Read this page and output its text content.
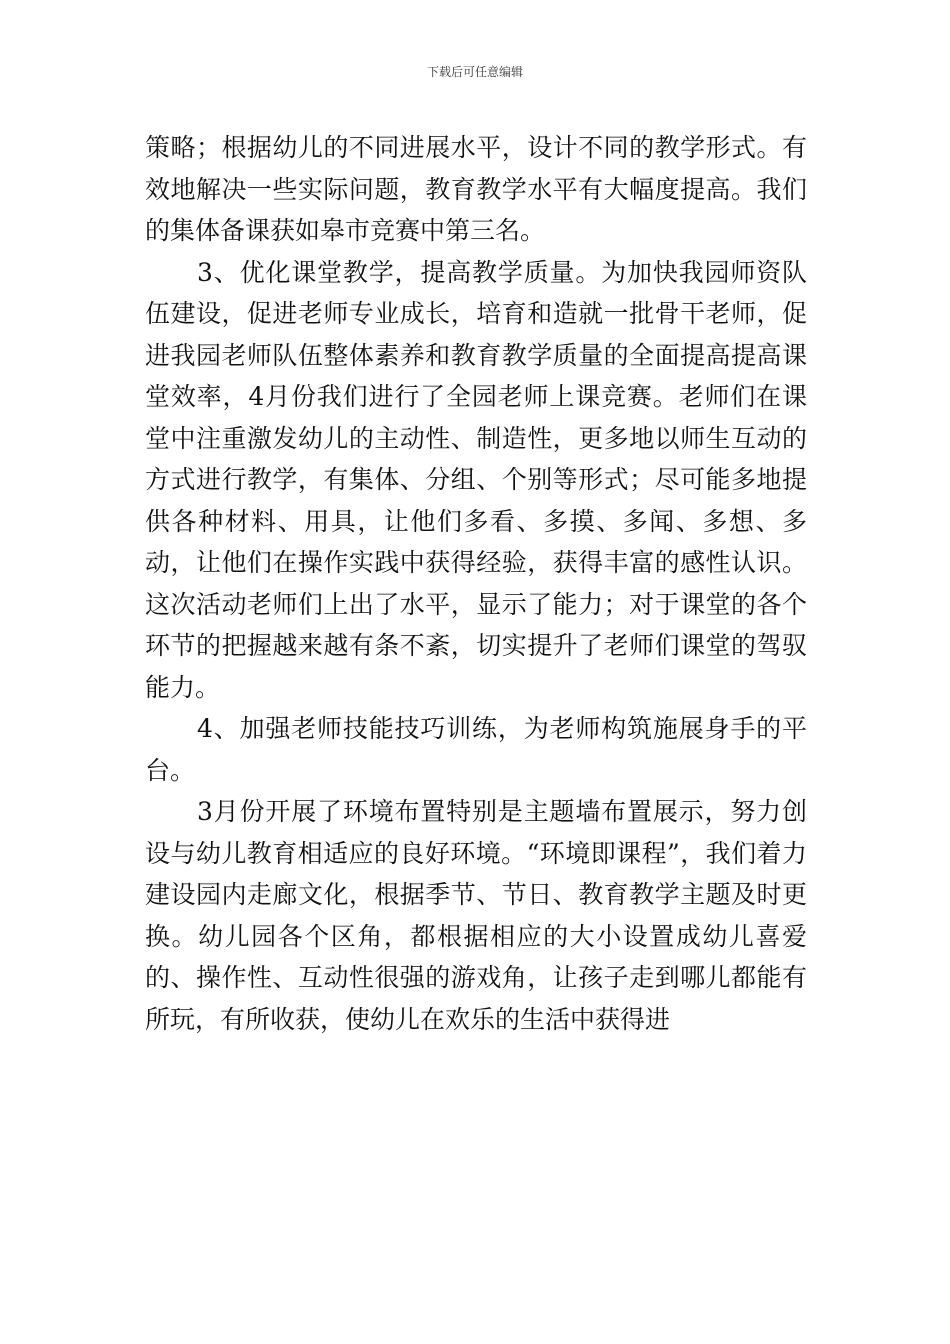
下载后可任意编辑

策略；根据幼儿的不同进展水平，设计不同的教学形式。有效地解决一些实际问题，教育教学水平有大幅度提高。我们的集体备课获如皋市竞赛中第三名。

3、优化课堂教学，提高教学质量。为加快我园师资队伍建设，促进老师专业成长，培育和造就一批骨干老师，促进我园老师队伍整体素养和教育教学质量的全面提高提高课堂效率，4月份我们进行了全园老师上课竞赛。老师们在课堂中注重激发幼儿的主动性、制造性，更多地以师生互动的方式进行教学，有集体、分组、个别等形式；尽可能多地提供各种材料、用具，让他们多看、多摸、多闻、多想、多动，让他们在操作实践中获得经验，获得丰富的感性认识。这次活动老师们上出了水平，显示了能力；对于课堂的各个环节的把握越来越有条不紊，切实提升了老师们课堂的驾驭能力。

4、加强老师技能技巧训练，为老师构筑施展身手的平台。

3月份开展了环境布置特别是主题墙布置展示，努力创设与幼儿教育相适应的良好环境。“环境即课程”，我们着力建设园内走廊文化，根据季节、节日、教育教学主题及时更换。幼儿园各个区角，都根据相应的大小设置成幼儿喜爱的、操作性、互动性很强的游戏角，让孩子走到哪儿都能有所玩，有所收获，使幼儿在欢乐的生活中获得进
